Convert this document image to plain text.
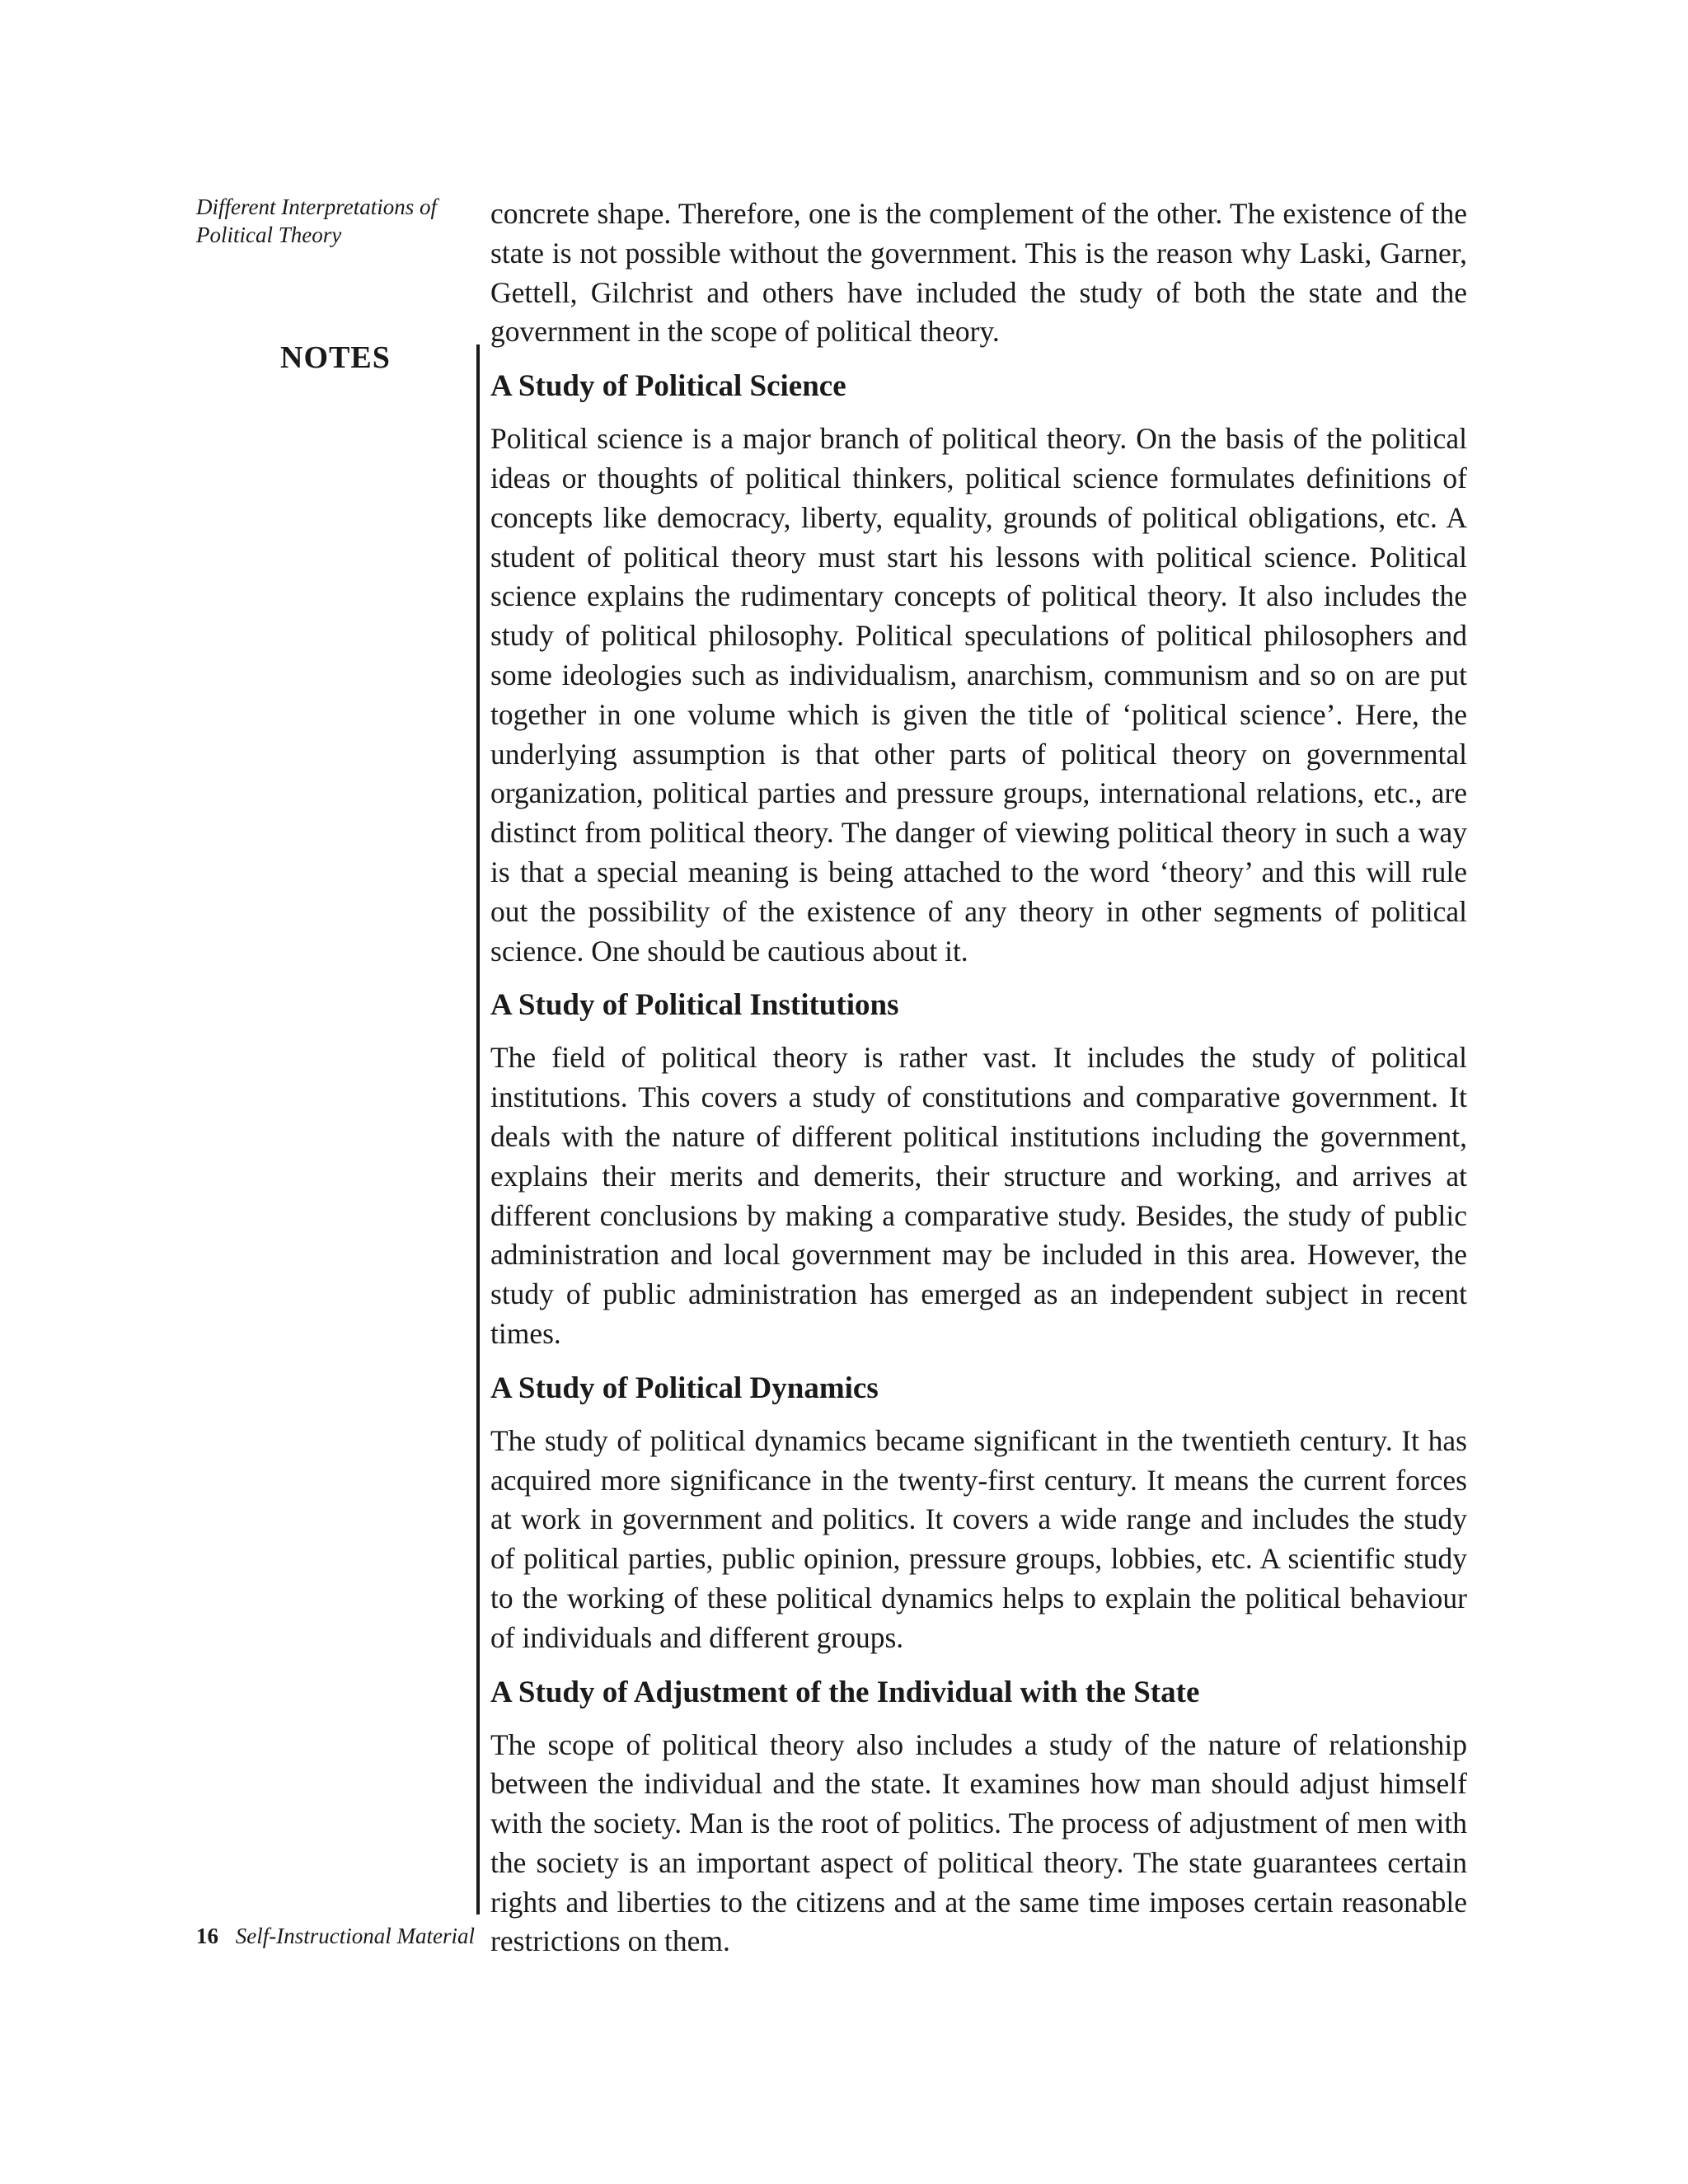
Different Interpretations of Political Theory
NOTES
16 Self-Instructional Material

concrete shape. Therefore, one is the complement of the other. The existence of the state is not possible without the government. This is the reason why Laski, Garner, Gettell, Gilchrist and others have included the study of both the state and the government in the scope of political theory.

A Study of Political Science

Political science is a major branch of political theory. On the basis of the political ideas or thoughts of political thinkers, political science formulates definitions of concepts like democracy, liberty, equality, grounds of political obligations, etc. A student of political theory must start his lessons with political science. Political science explains the rudimentary concepts of political theory. It also includes the study of political philosophy. Political speculations of political philosophers and some ideologies such as individualism, anarchism, communism and so on are put together in one volume which is given the title of ‘political science’. Here, the underlying assumption is that other parts of political theory on governmental organization, political parties and pressure groups, international relations, etc., are distinct from political theory. The danger of viewing political theory in such a way is that a special meaning is being attached to the word ‘theory’ and this will rule out the possibility of the existence of any theory in other segments of political science. One should be cautious about it.

A Study of Political Institutions

The field of political theory is rather vast. It includes the study of political institutions. This covers a study of constitutions and comparative government. It deals with the nature of different political institutions including the government, explains their merits and demerits, their structure and working, and arrives at different conclusions by making a comparative study. Besides, the study of public administration and local government may be included in this area. However, the study of public administration has emerged as an independent subject in recent times.

A Study of Political Dynamics

The study of political dynamics became significant in the twentieth century. It has acquired more significance in the twenty-first century. It means the current forces at work in government and politics. It covers a wide range and includes the study of political parties, public opinion, pressure groups, lobbies, etc. A scientific study to the working of these political dynamics helps to explain the political behaviour of individuals and different groups.

A Study of Adjustment of the Individual with the State

The scope of political theory also includes a study of the nature of relationship between the individual and the state. It examines how man should adjust himself with the society. Man is the root of politics. The process of adjustment of men with the society is an important aspect of political theory. The state guarantees certain rights and liberties to the citizens and at the same time imposes certain reasonable restrictions on them.
